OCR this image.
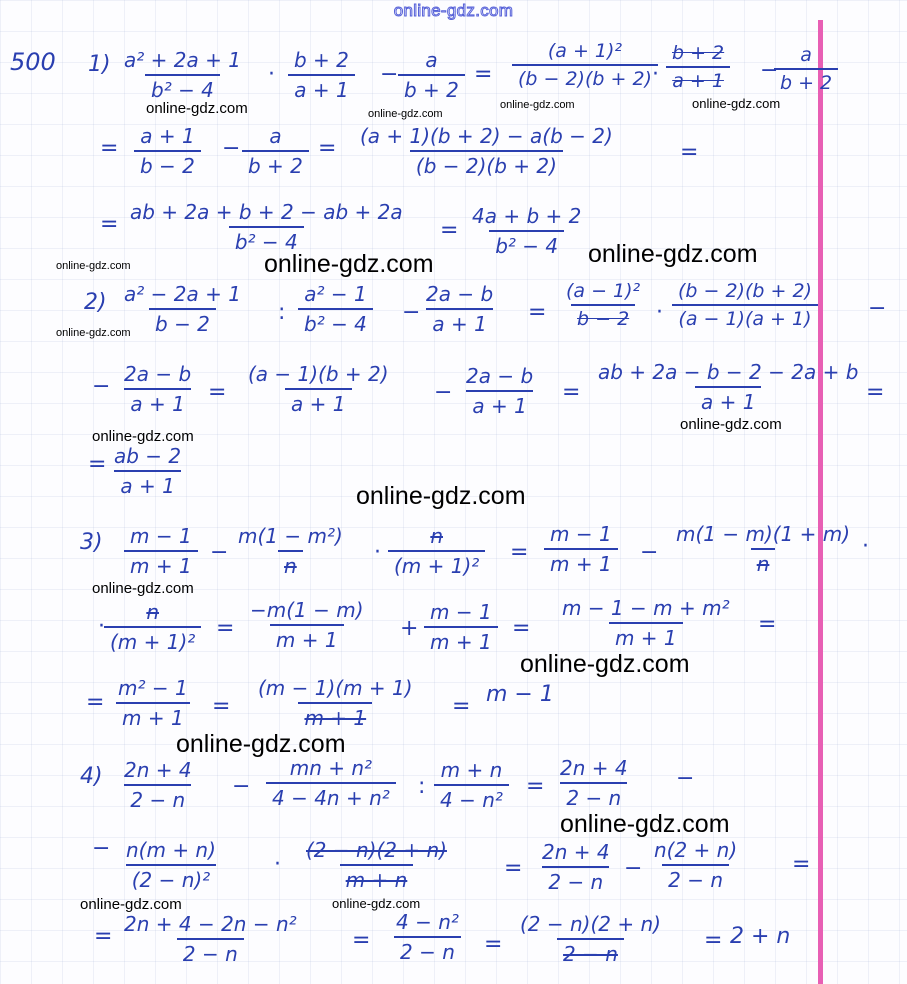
online-gdz.com
500 $1) \frac{\text{a² + 2a + 1}}{\text{b² − 4}} \cdot \frac{b + 2}{a + 1} - \frac{a}{b + 2} = \frac{\text{(a + 1)²}}{(b - 2)(b + 2)}$
· $\frac{b + 2}{a + 1}$ −
$\frac{a}{b + 2}$
= $\frac{a + 1}{b - 2} - \frac{a}{b + 2} = \frac{(a + 1)(b + 2) - a(b - 2)}{(b - 2)(b + 2)}$	=
= $\frac{ab + 2a + b + 2 - ab + 2a}{\text{b² − 4}} = \frac{4a + b + 2}{\text{b² − 4}}$
$2) \frac{\text{a² − 2a + 1}}{b - 2}$ : $\frac{\text{a² − 1}}{\text{b² − 4}} - \frac{2a - b}{a + 1} = \frac{\text{(a − 1)²}}{b - 2} \cdot \frac{(b - 2)(b + 2)}{(a - 1)(a + 1)}$ −
− $\frac{2a - b}{a + 1} = \frac{(a - 1)(b + 2)}{a + 1} - \frac{2a - b}{a + 1} = \frac{ab + 2a - b - 2 - 2a + b}{a + 1}$ =
= $\frac{ab - 2}{a + 1}$
$3) \frac{m - 1}{m + 1} - \frac{\text{m(1 − m²)}}{n} \cdot \frac{n}{\text{(m + 1)²}} = \frac{m - 1}{m + 1} - \frac{m(1 - m)(1 + m)}{n}$ ·
· $\frac{n}{\text{(m + 1)²}} = \frac{-m(1 - m)}{m + 1} + \frac{m - 1}{m + 1} = \frac{\text{m − 1 − m + m²}}{m + 1}$ =
= $\frac{\text{m² − 1}}{m + 1} = \frac{(m - 1)(m + 1)}{m + 1} = m - 1$
$4) \frac{2n + 4}{2 - n} - \frac{\text{mn + n²}}{\text{4 − 4n + n²}}$ : $\frac{m + n}{\text{4 − n²}} = \frac{2n + 4}{2 - n}$ −
− $\frac{n(m + n)}{\text{(2 − n)²}} \cdot \frac{(2 - n)(2 + n)}{m + n} = \frac{2n + 4}{2 - n} - \frac{n(2 + n)}{2 - n}$ =
= $\frac{\text{2n + 4 − 2n − n²}}{2 - n} = \frac{\text{4 − n²}}{2 - n} = \frac{(2 - n)(2 + n)}{2 - n} = 2 + n$
online-gdz.com	online-gdz.com
online-gdz.com	online-gdz.com
online-gdz.com	online-gdz.com	online-gdz.com
online-gdz.com
online-gdz.com
online-gdz.com
online-gdz.com
online-gdz.com
online-gdz.com
online-gdz.com
online-gdz.com
online-gdz.com	online-gdz.com
